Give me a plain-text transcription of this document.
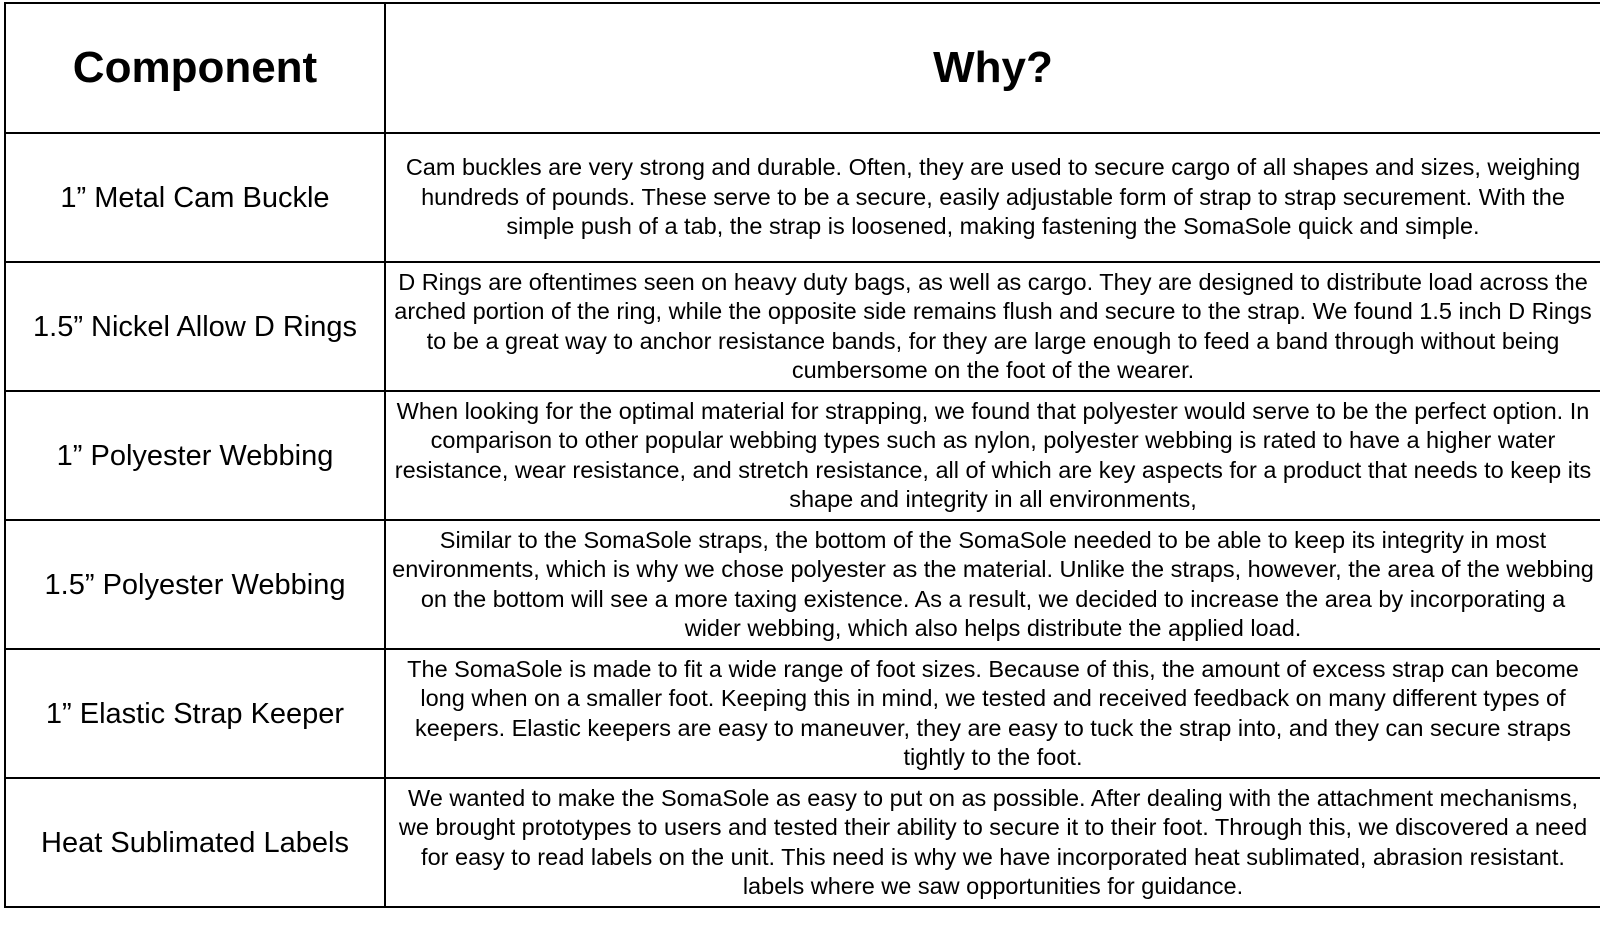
Component	Why?
1” Metal Cam Buckle	Cam buckles are very strong and durable. Often, they are used to secure cargo of all shapes and sizes, weighing hundreds of pounds. These serve to be a secure, easily adjustable form of strap to strap securement. With the simple push of a tab, the strap is loosened, making fastening the SomaSole quick and simple.
1.5” Nickel Allow D Rings	D Rings are oftentimes seen on heavy duty bags, as well as cargo. They are designed to distribute load across the arched portion of the ring, while the opposite side remains flush and secure to the strap. We found 1.5 inch D Rings to be a great way to anchor resistance bands, for they are large enough to feed a band through without being cumbersome on the foot of the wearer.
1” Polyester Webbing	When looking for the optimal material for strapping, we found that polyester would serve to be the perfect option. In comparison to other popular webbing types such as nylon, polyester webbing is rated to have a higher water resistance, wear resistance, and stretch resistance, all of which are key aspects for a product that needs to keep its shape and integrity in all environments,
1.5” Polyester Webbing	Similar to the SomaSole straps, the bottom of the SomaSole needed to be able to keep its integrity in most environments, which is why we chose polyester as the material. Unlike the straps, however, the area of the webbing on the bottom will see a more taxing existence. As a result, we decided to increase the area by incorporating a wider webbing, which also helps distribute the applied load.
1” Elastic Strap Keeper	The SomaSole is made to fit a wide range of foot sizes. Because of this, the amount of excess strap can become long when on a smaller foot. Keeping this in mind, we tested and received feedback on many different types of keepers. Elastic keepers are easy to maneuver, they are easy to tuck the strap into, and they can secure straps tightly to the foot.
Heat Sublimated Labels	We wanted to make the SomaSole as easy to put on as possible. After dealing with the attachment mechanisms, we brought prototypes to users and tested their ability to secure it to their foot. Through this, we discovered a need for easy to read labels on the unit. This need is why we have incorporated heat sublimated, abrasion resistant. labels where we saw opportunities for guidance.
